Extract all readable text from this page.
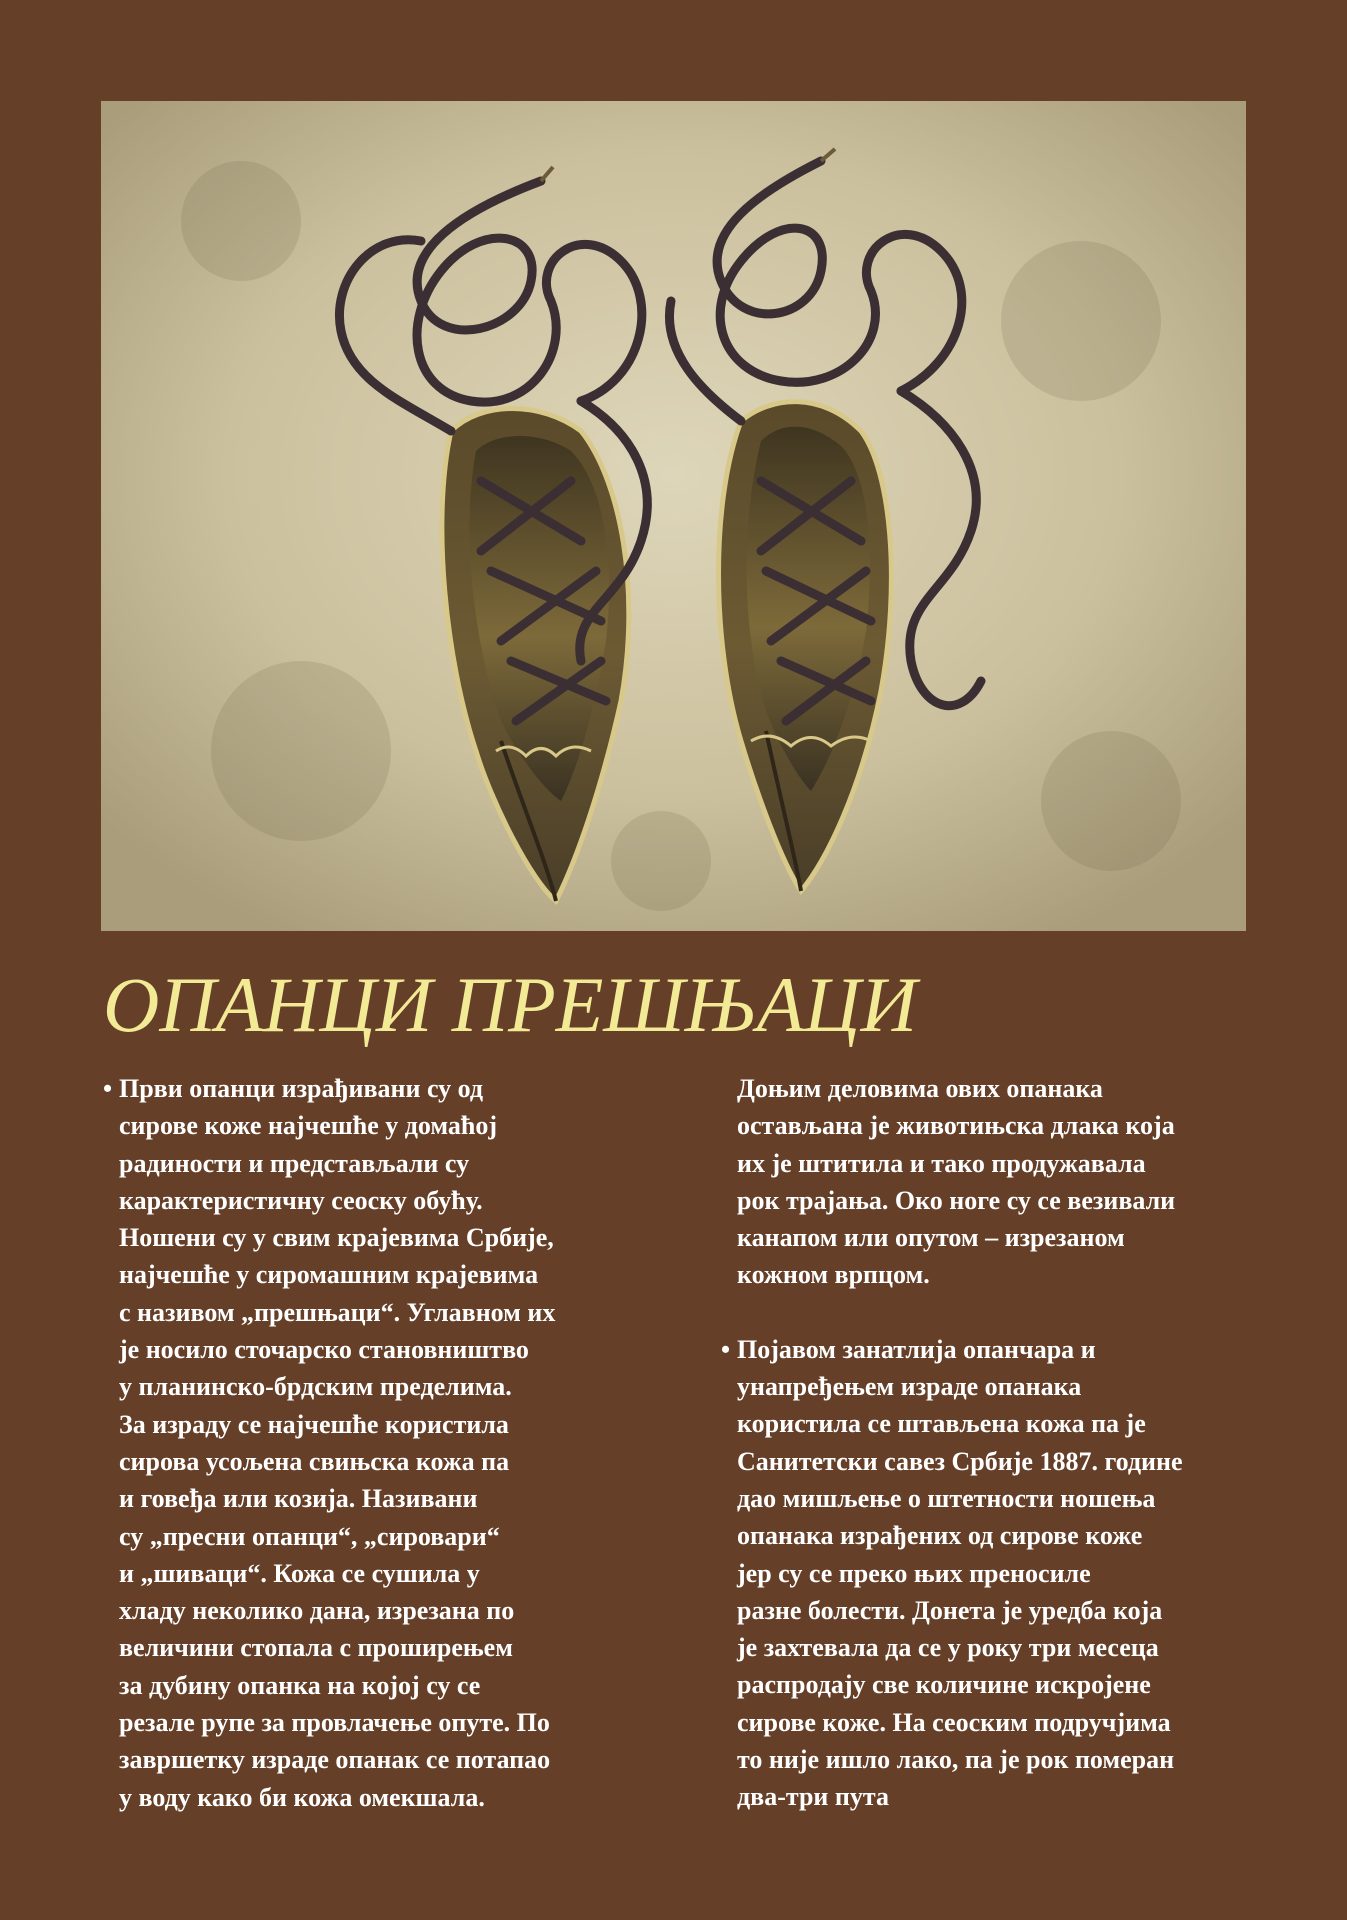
ОПАНЦИ ПРЕШЊАЦИ

• Први опанци израђивани су од
сирове коже најчешће у домаћој
радиности и представљали су
карактеристичну сеоску обућу.
Ношени су у свим крајевима Србије,
најчешће у сиромашним крајевима
с називом „прешњаци“. Углавном их
је носило сточарско становништво
у планинско-брдским пределима.
За израду се најчешће користила
сирова усољена свињска кожа па
и говеђа или козија. Називани
су „пресни опанци“, „сировари“
и „шиваци“. Кожа се сушила у
хладу неколико дана, изрезана по
величини стопала с проширењем
за дубину опанка на којој су се
резале рупе за провлачење опуте. По
завршетку израде опанак се потапао
у воду како би кожа омекшала.

Доњим деловима ових опанака
остављана је животињска длака која
их је штитила и тако продужавала
рок трајања. Око ноге су се везивали
канапом или опутом – изрезаном
кожном врпцом.

• Појавом занатлија опанчара и
унапређењем израде опанака
користила се штављена кожа па је
Санитетски савез Србије 1887. године
дао мишљење о штетности ношења
опанака израђених од сирове коже
јер су се преко њих преносилe
разне болести. Донета је уредба која
је захтевала да се у року три месеца
распродају све количине искројене
сирове коже. На сеоским подручјима
то није ишло лако, па је рок померан
два-три пута
